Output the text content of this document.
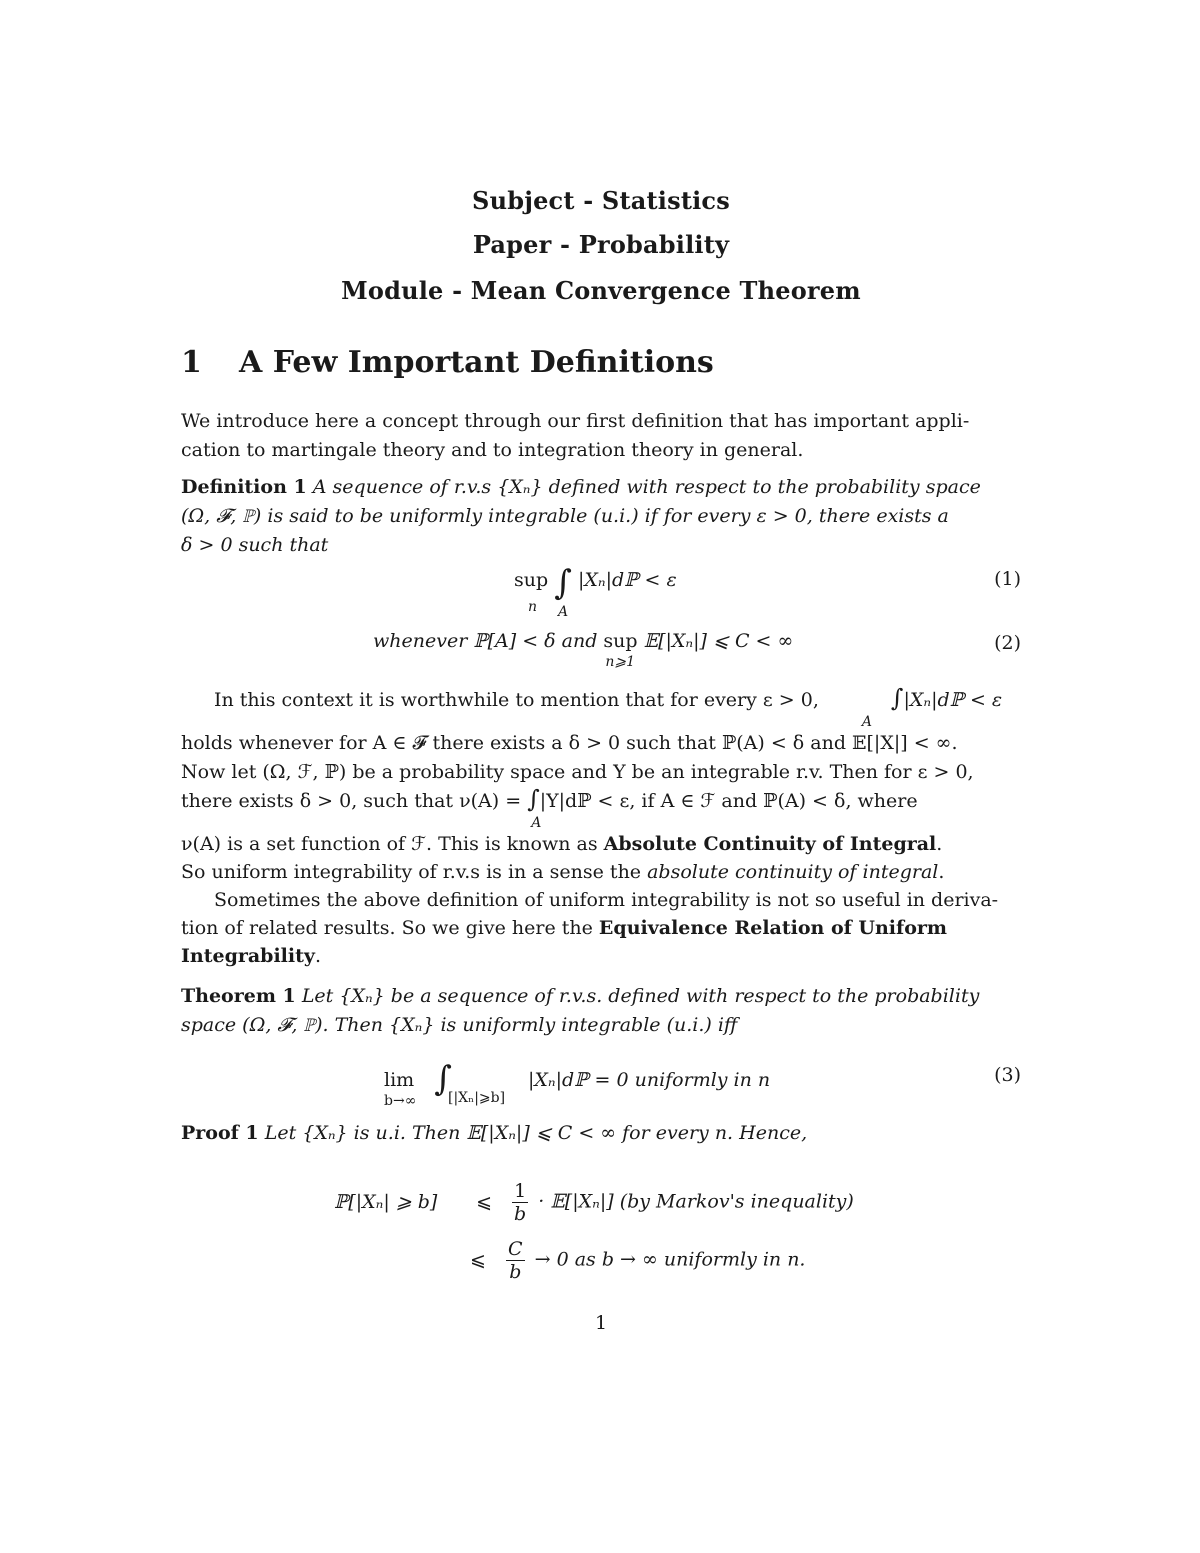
Subject - Statistics
Paper - Probability
Module - Mean Convergence Theorem
1 A Few Important Definitions
We introduce here a concept through our first definition that has important appli-
cation to martingale theory and to integration theory in general.
Definition 1 A sequence of r.v.s {Xₙ} defined with respect to the probability space
(Ω, 𝓕, ℙ) is said to be uniformly integrable (u.i.) if for every ε > 0, there exists a
δ > 0 such that
sup
n
∫
A
|Xₙ|dℙ < ε	(1)
whenever ℙ[A] < δ and sup
n⩾1
𝔼[|Xₙ|] ⩽ C < ∞	(2)
In this context it is worthwhile to mention that for every ε > 0,	∫
A
|Xₙ|dℙ < ε
holds whenever for A ∈ 𝓕 there exists a δ > 0 such that ℙ(A) < δ and 𝔼[|X|] < ∞.
Now let (Ω, ℱ, ℙ) be a probability space and Y be an integrable r.v. Then for ε > 0,
there exists δ > 0, such that ν(A) = ∫
A
|Y|dℙ < ε, if A ∈ ℱ and ℙ(A) < δ, where
ν(A) is a set function of ℱ. This is known as Absolute Continuity of Integral.
So uniform integrability of r.v.s is in a sense the absolute continuity of integral.
Sometimes the above definition of uniform integrability is not so useful in deriva-
tion of related results. So we give here the Equivalence Relation of Uniform
Integrability.
Theorem 1 Let {Xₙ} be a sequence of r.v.s. defined with respect to the probability
space (Ω, 𝓕, ℙ). Then {Xₙ} is uniformly integrable (u.i.) iff
lim
b→∞
∫
[|Xₙ|⩾b]
|Xₙ|dℙ = 0 uniformly in n	(3)
Proof 1 Let {Xₙ} is u.i. Then 𝔼[|Xₙ|] ⩽ C < ∞ for every n. Hence,
ℙ[|Xₙ| ⩾ b] ⩽ $\frac{1}{b}$ · 𝔼[|Xₙ|] (by Markov's inequality)
⩽ $\frac{C}{b} \to 0$ as b → ∞ uniformly in n.
1
